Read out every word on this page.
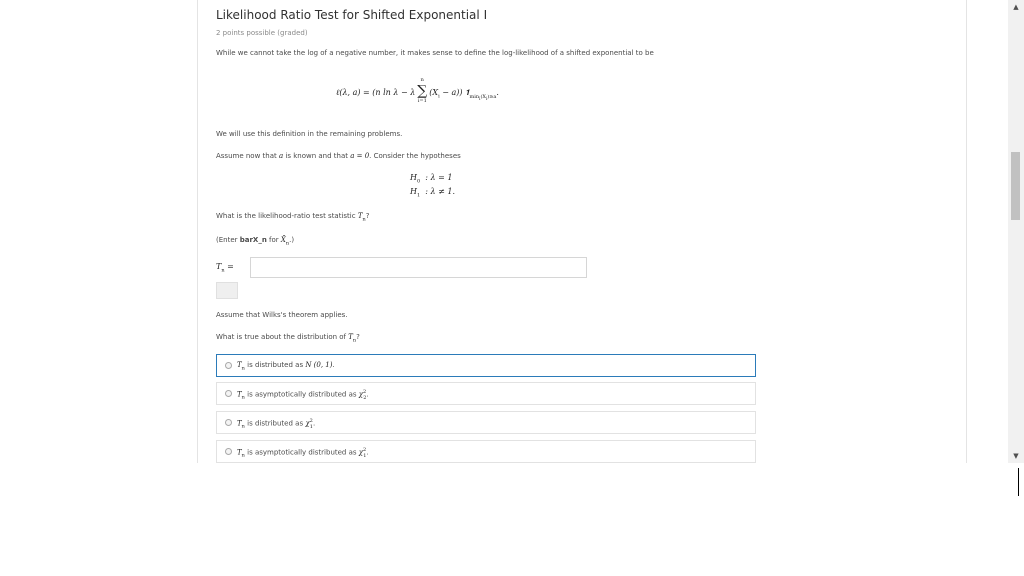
Likelihood Ratio Test for Shifted Exponential I
2 points possible (graded)
While we cannot take the log of a negative number, it makes sense to define the log-likelihood of a shifted exponential to be
ℓ(λ, a) = (n ln λ − λ
n
∑
i=1
$(X_i - a)$) $𝟏_{min_i(X_i)\ge a}$.
We will use this definition in the remaining problems.
Assume now that a is known and that a = 0. Consider the hypotheses
$H_0$ : λ = 1
$H_1$ : λ ≠ 1.
What is the likelihood-ratio test statistic $T_n$?
(Enter barX_n for $X̄_n$.)
$T_n$ =
Assume that Wilks's theorem applies.
What is true about the distribution of $T_n$?
$T_n$ is distributed as N (0, 1).
$T_n$ is asymptotically distributed as $\chi^2_2$.
$T_n$ is distributed as $\chi^2_1$.
$T_n$ is asymptotically distributed as $\chi^2_1$.
▲
▼
